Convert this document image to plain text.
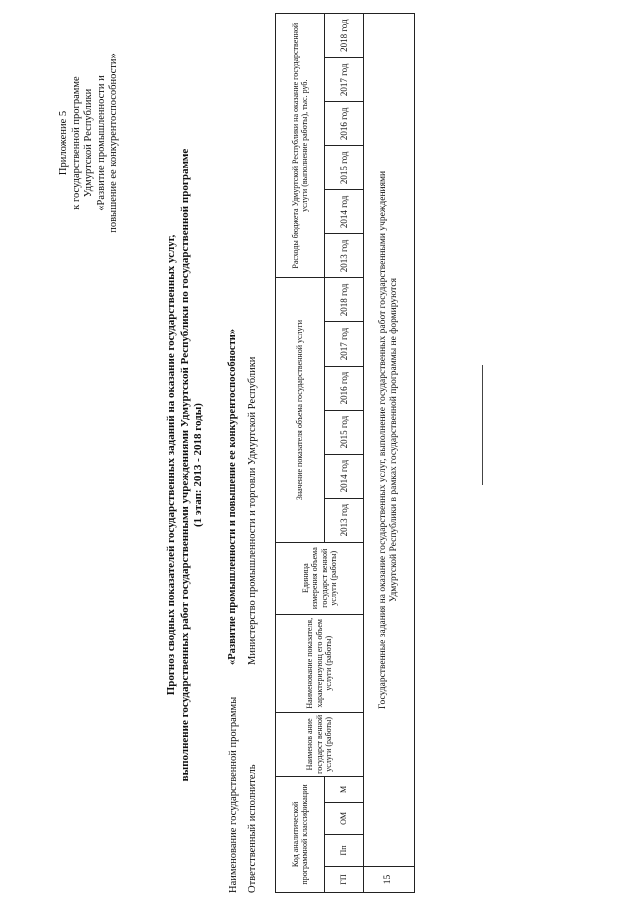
Приложение 5 к государственной программе Удмуртской Республики «Развитие промышленности и повышение ее конкурентоспособности»
Прогноз сводных показателей государственных заданий на оказание государственных услуг, выполнение государственных работ государственными учреждениями Удмуртской Республики по государственной программе (1 этап: 2013 - 2018 годы)
Наименование государственной программы
«Развитие промышленности и повышение ее конкурентоспособности»
Ответственный исполнитель
Министерство промышленности и торговли Удмуртской Республики
Код аналитической программной классификации				Наименов ание государст венной услуги (работы)	Наименование показателя, характеризующ его объем услуги (работы)	Единица измерения объема государст венной услуги (работы)	Значение показателя объема государственной услуги						Расходы бюджета Удмуртской Республики на оказание государственной услуги (выполнение работы), тыс. руб.					
ГП	Пп	ОМ	М				2013 год	2014 год	2015 год	2016 год	2017 год	2018 год	2013 год	2014 год	2015 год	2016 год	2017 год	2018 год
15	Государственные задания на оказание государственных услуг, выполнение государственных работ государственными учреждениями Удмуртской Республики в рамках государственной программы не формируются																	
